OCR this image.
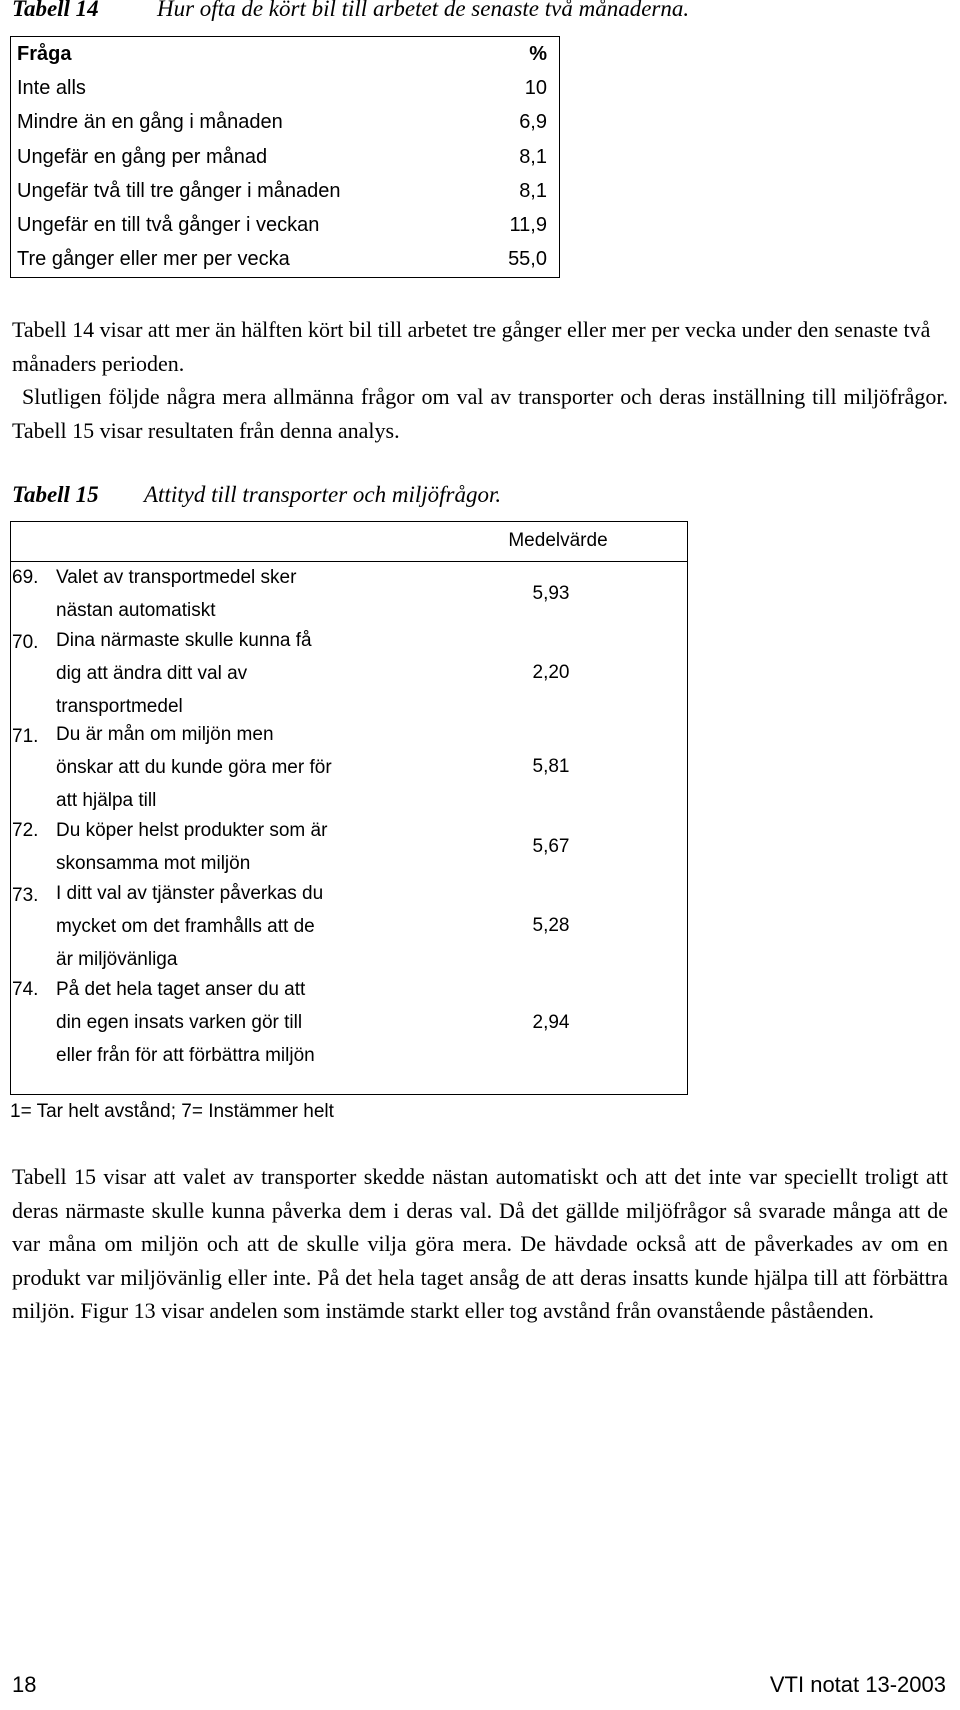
Tabell 14	Hur ofta de kört bil till arbetet de senaste två månaderna.
Fråga	%
Inte alls	10
Mindre än en gång i månaden	6,9
Ungefär en gång per månad	8,1
Ungefär två till tre gånger i månaden	8,1
Ungefär en till två gånger i veckan	11,9
Tre gånger eller mer per vecka	55,0

Tabell 14 visar att mer än hälften kört bil till arbetet tre gånger eller mer per vecka under den senaste två månaders perioden.

Slutligen följde några mera allmänna frågor om val av transporter och deras inställning till miljöfrågor. Tabell 15 visar resultaten från denna analys.

Tabell 15 Attityd till transporter och miljöfrågor.
Medelvärde
69. Valet av transportmedel sker
nästan automatiskt
5,93
70. Dina närmaste skulle kunna få
dig att ändra ditt val av
transportmedel
2,20
71. Du är mån om miljön men
önskar att du kunde göra mer för
att hjälpa till
5,81
72. Du köper helst produkter som är
skonsamma mot miljön
5,67
73. I ditt val av tjänster påverkas du
mycket om det framhålls att de
är miljövänliga
5,28
74. På det hela taget anser du att
din egen insats varken gör till
eller från för att förbättra miljön
2,94
1= Tar helt avstånd; 7= Instämmer helt

Tabell 15 visar att valet av transporter skedde nästan automatiskt och att det inte var speciellt troligt att deras närmaste skulle kunna påverka dem i deras val. Då det gällde miljöfrågor så svarade många att de var måna om miljön och att de skulle vilja göra mera. De hävdade också att de påverkades av om en produkt var miljövänlig eller inte. På det hela taget ansåg de att deras insatts kunde hjälpa till att förbättra miljön. Figur 13 visar andelen som instämde starkt eller tog avstånd från ovanstående påståenden.

18	VTI notat 13-2003
